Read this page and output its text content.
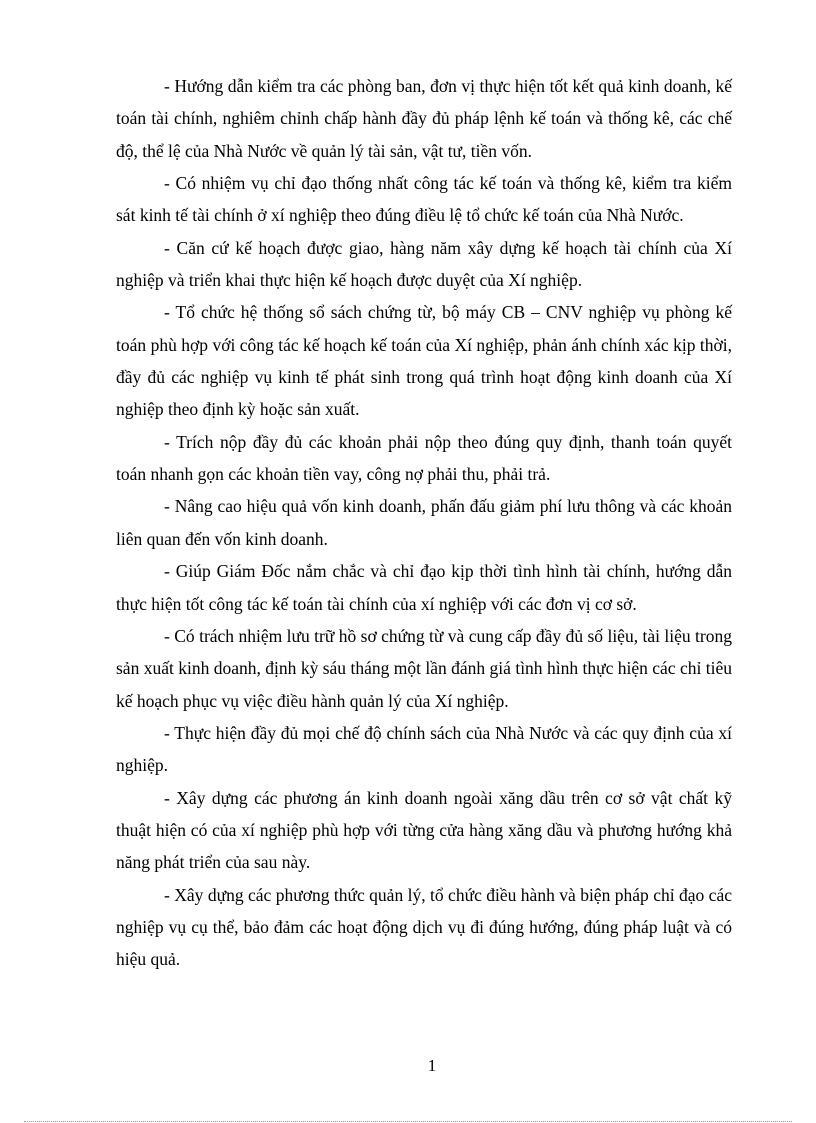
- Hướng dẫn kiểm tra các phòng ban, đơn vị thực hiện tốt kết quả kinh doanh, kế toán tài chính, nghiêm chỉnh chấp hành đầy đủ pháp lệnh kế toán và thống kê, các chế độ, thể lệ của Nhà Nước về quản lý tài sản, vật tư, tiền vốn.

- Có nhiệm vụ chỉ đạo thống nhất công tác kế toán và thống kê, kiểm tra kiểm sát kinh tế tài chính ở xí nghiệp theo đúng điều lệ tổ chức kế toán của Nhà Nước.

- Căn cứ kế hoạch được giao, hàng năm xây dựng kế hoạch tài chính của Xí nghiệp và triển khai thực hiện kế hoạch được duyệt của Xí nghiệp.

- Tổ chức hệ thống sổ sách chứng từ, bộ máy CB – CNV nghiệp vụ phòng kế toán phù hợp với công tác kế hoạch kế toán của Xí nghiệp, phản ánh chính xác kịp thời, đầy đủ các nghiệp vụ kinh tế phát sinh trong quá trình hoạt động kinh doanh của Xí nghiệp theo định kỳ hoặc sản xuất.

- Trích nộp đầy đủ các khoản phải nộp theo đúng quy định, thanh toán quyết toán nhanh gọn các khoản tiền vay, công nợ phải thu, phải trả.

- Nâng cao hiệu quả vốn kinh doanh, phấn đấu giảm phí lưu thông và các khoản liên quan đến vốn kinh doanh.

- Giúp Giám Đốc nắm chắc và chỉ đạo kịp thời tình hình tài chính, hướng dẫn thực hiện tốt công tác kế toán tài chính của xí nghiệp với các đơn vị cơ sở.

- Có trách nhiệm lưu trữ hồ sơ chứng từ và cung cấp đầy đủ số liệu, tài liệu trong sản xuất kinh doanh, định kỳ sáu tháng một lần đánh giá tình hình thực hiện các chỉ tiêu kế hoạch phục vụ việc điều hành quản lý của Xí nghiệp.

- Thực hiện đầy đủ mọi chế độ chính sách của Nhà Nước và các quy định của xí nghiệp.

- Xây dựng các phương án kinh doanh ngoài xăng dầu trên cơ sở vật chất kỹ thuật hiện có của xí nghiệp phù hợp với từng cửa hàng xăng dầu và phương hướng khả năng phát triển của sau này.

- Xây dựng các phương thức quản lý, tổ chức điều hành và biện pháp chỉ đạo các nghiệp vụ cụ thể, bảo đảm các hoạt động dịch vụ đi đúng hướng, đúng pháp luật và có hiệu quả.

1
